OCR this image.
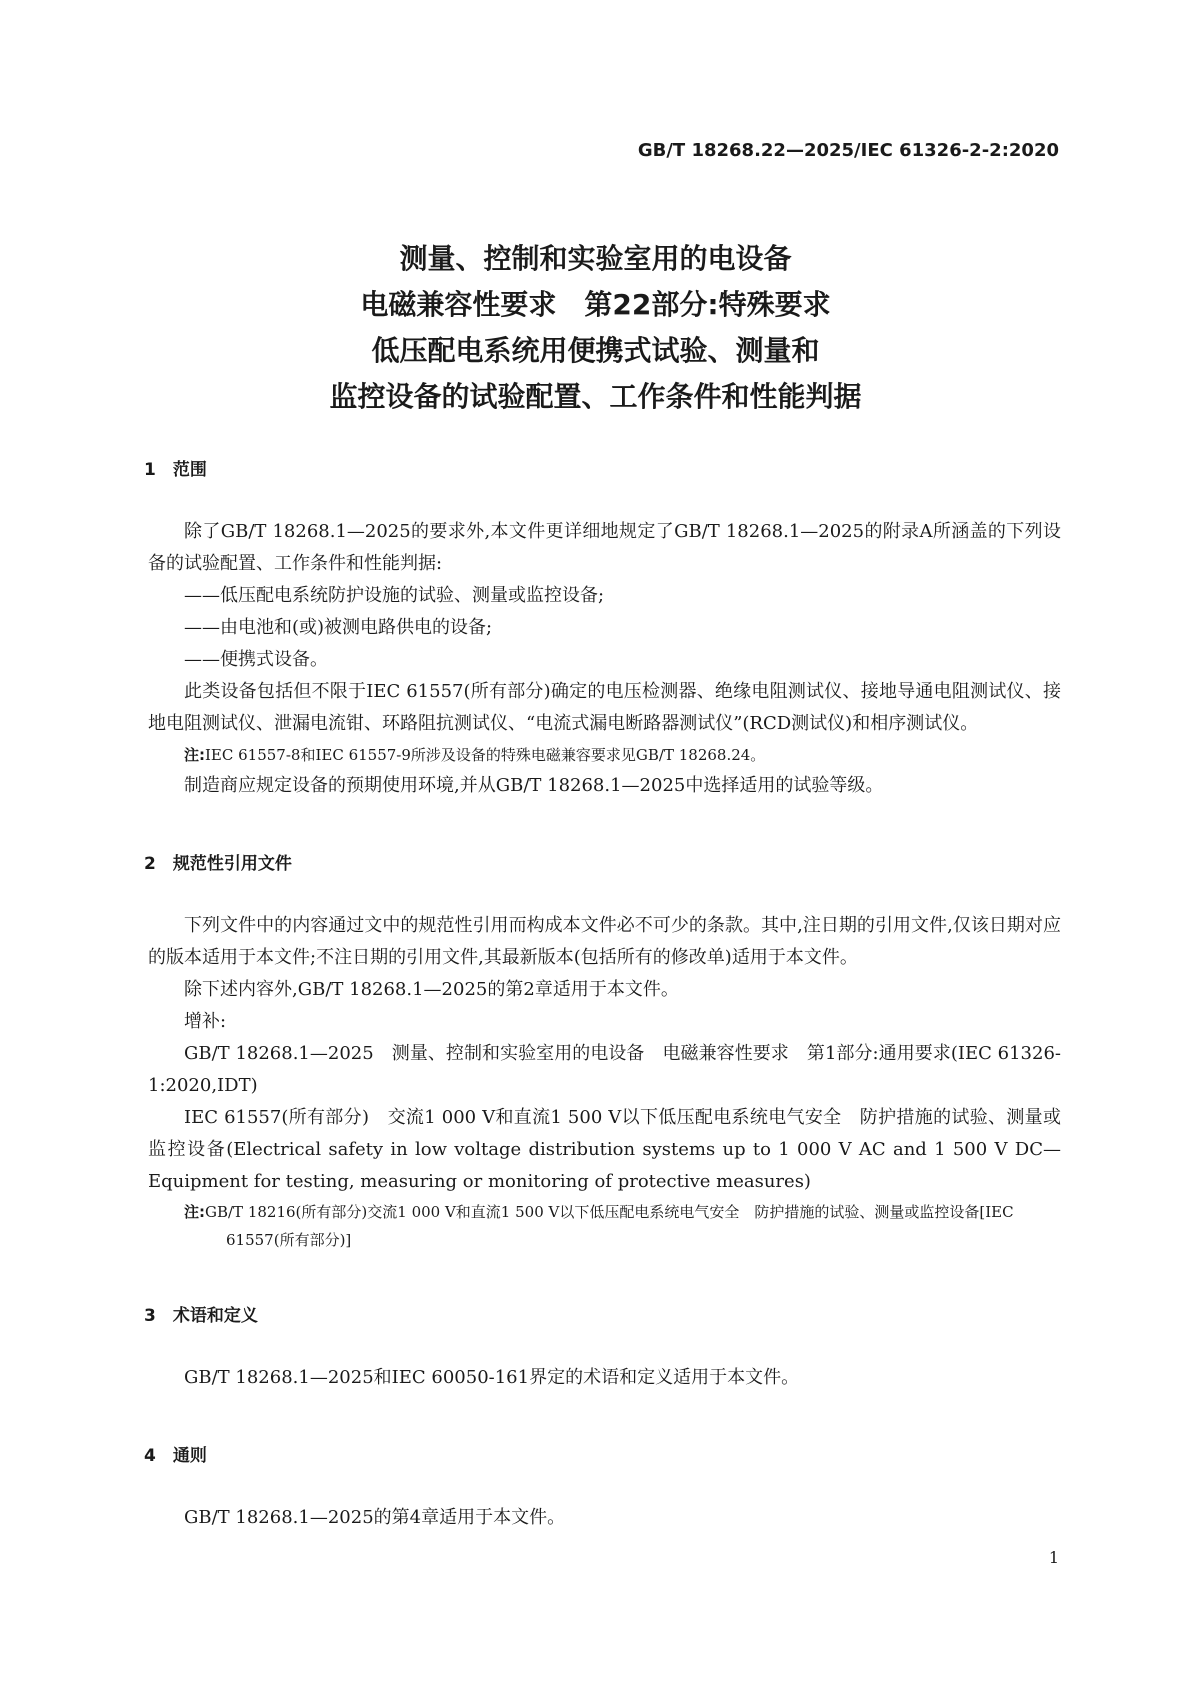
GB/T 18268.22—2025/IEC 61326-2-2:2020
测量、控制和实验室用的电设备
电磁兼容性要求　第22部分:特殊要求
低压配电系统用便携式试验、测量和
监控设备的试验配置、工作条件和性能判据
1　范围

除了GB/T 18268.1—2025的要求外,本文件更详细地规定了GB/T 18268.1—2025的附录A所涵盖的下列设备的试验配置、工作条件和性能判据:

——低压配电系统防护设施的试验、测量或监控设备;
——由电池和(或)被测电路供电的设备;
——便携式设备。

此类设备包括但不限于IEC 61557(所有部分)确定的电压检测器、绝缘电阻测试仪、接地导通电阻测试仪、接地电阻测试仪、泄漏电流钳、环路阻抗测试仪、“电流式漏电断路器测试仪”(RCD测试仪)和相序测试仪。

注:IEC 61557-8和IEC 61557-9所涉及设备的特殊电磁兼容要求见GB/T 18268.24。

制造商应规定设备的预期使用环境,并从GB/T 18268.1—2025中选择适用的试验等级。

2　规范性引用文件

下列文件中的内容通过文中的规范性引用而构成本文件必不可少的条款。其中,注日期的引用文件,仅该日期对应的版本适用于本文件;不注日期的引用文件,其最新版本(包括所有的修改单)适用于本文件。

除下述内容外,GB/T 18268.1—2025的第2章适用于本文件。

增补:

GB/T 18268.1—2025　测量、控制和实验室用的电设备　电磁兼容性要求　第1部分:通用要求(IEC 61326-1:2020,IDT)

IEC 61557(所有部分)　交流1 000 V和直流1 500 V以下低压配电系统电气安全　防护措施的试验、测量或监控设备(Electrical safety in low voltage distribution systems up to 1 000 V AC and 1 500 V DC—Equipment for testing, measuring or monitoring of protective measures)

注:GB/T 18216(所有部分)交流1 000 V和直流1 500 V以下低压配电系统电气安全　防护措施的试验、测量或监控设备[IEC 61557(所有部分)]
3　术语和定义

GB/T 18268.1—2025和IEC 60050-161界定的术语和定义适用于本文件。

4　通则

GB/T 18268.1—2025的第4章适用于本文件。

1
